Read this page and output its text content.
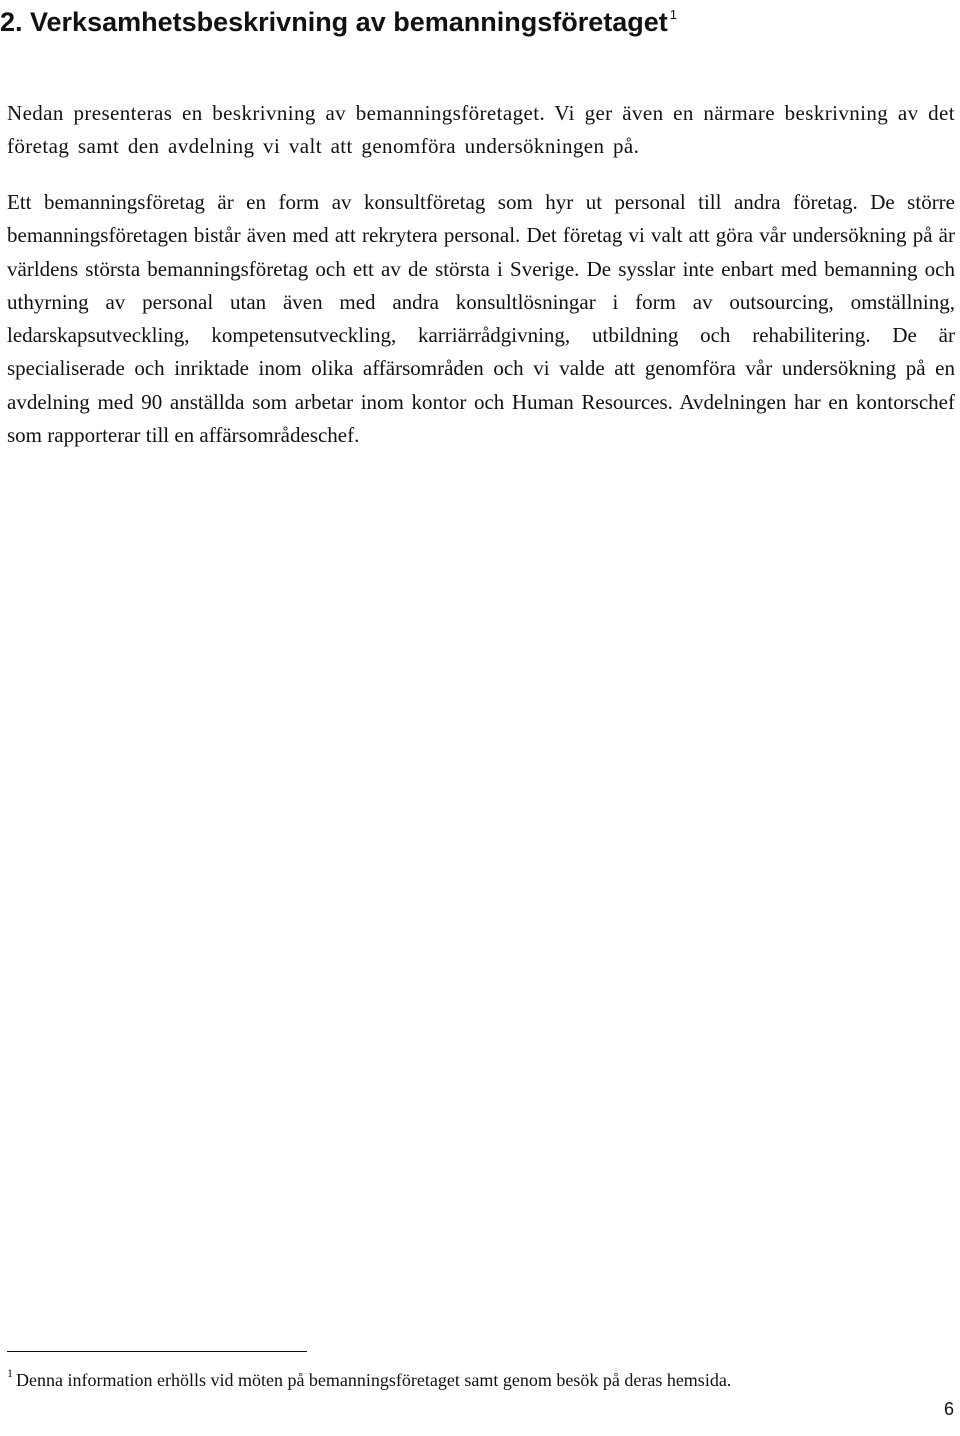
2. Verksamhetsbeskrivning av bemanningsföretaget $^1$

Nedan presenteras en beskrivning av bemanningsföretaget. Vi ger även en närmare beskrivning av det företag samt den avdelning vi valt att genomföra undersökningen på.

Ett bemanningsföretag är en form av konsultföretag som hyr ut personal till andra företag. De större bemanningsföretagen bistår även med att rekrytera personal. Det företag vi valt att göra vår undersökning på är världens största bemanningsföretag och ett av de största i Sverige. De sysslar inte enbart med bemanning och uthyrning av personal utan även med andra konsultlösningar i form av outsourcing, omställning, ledarskapsutveckling, kompetensutveckling, karriärrådgivning, utbildning och rehabilitering. De är specialiserade och inriktade inom olika affärsområden och vi valde att genomföra vår undersökning på en avdelning med 90 anställda som arbetar inom kontor och Human Resources. Avdelningen har en kontorschef som rapporterar till en affärsområdeschef.

$^1$ Denna information erhölls vid möten på bemanningsföretaget samt genom besök på deras hemsida.

6
